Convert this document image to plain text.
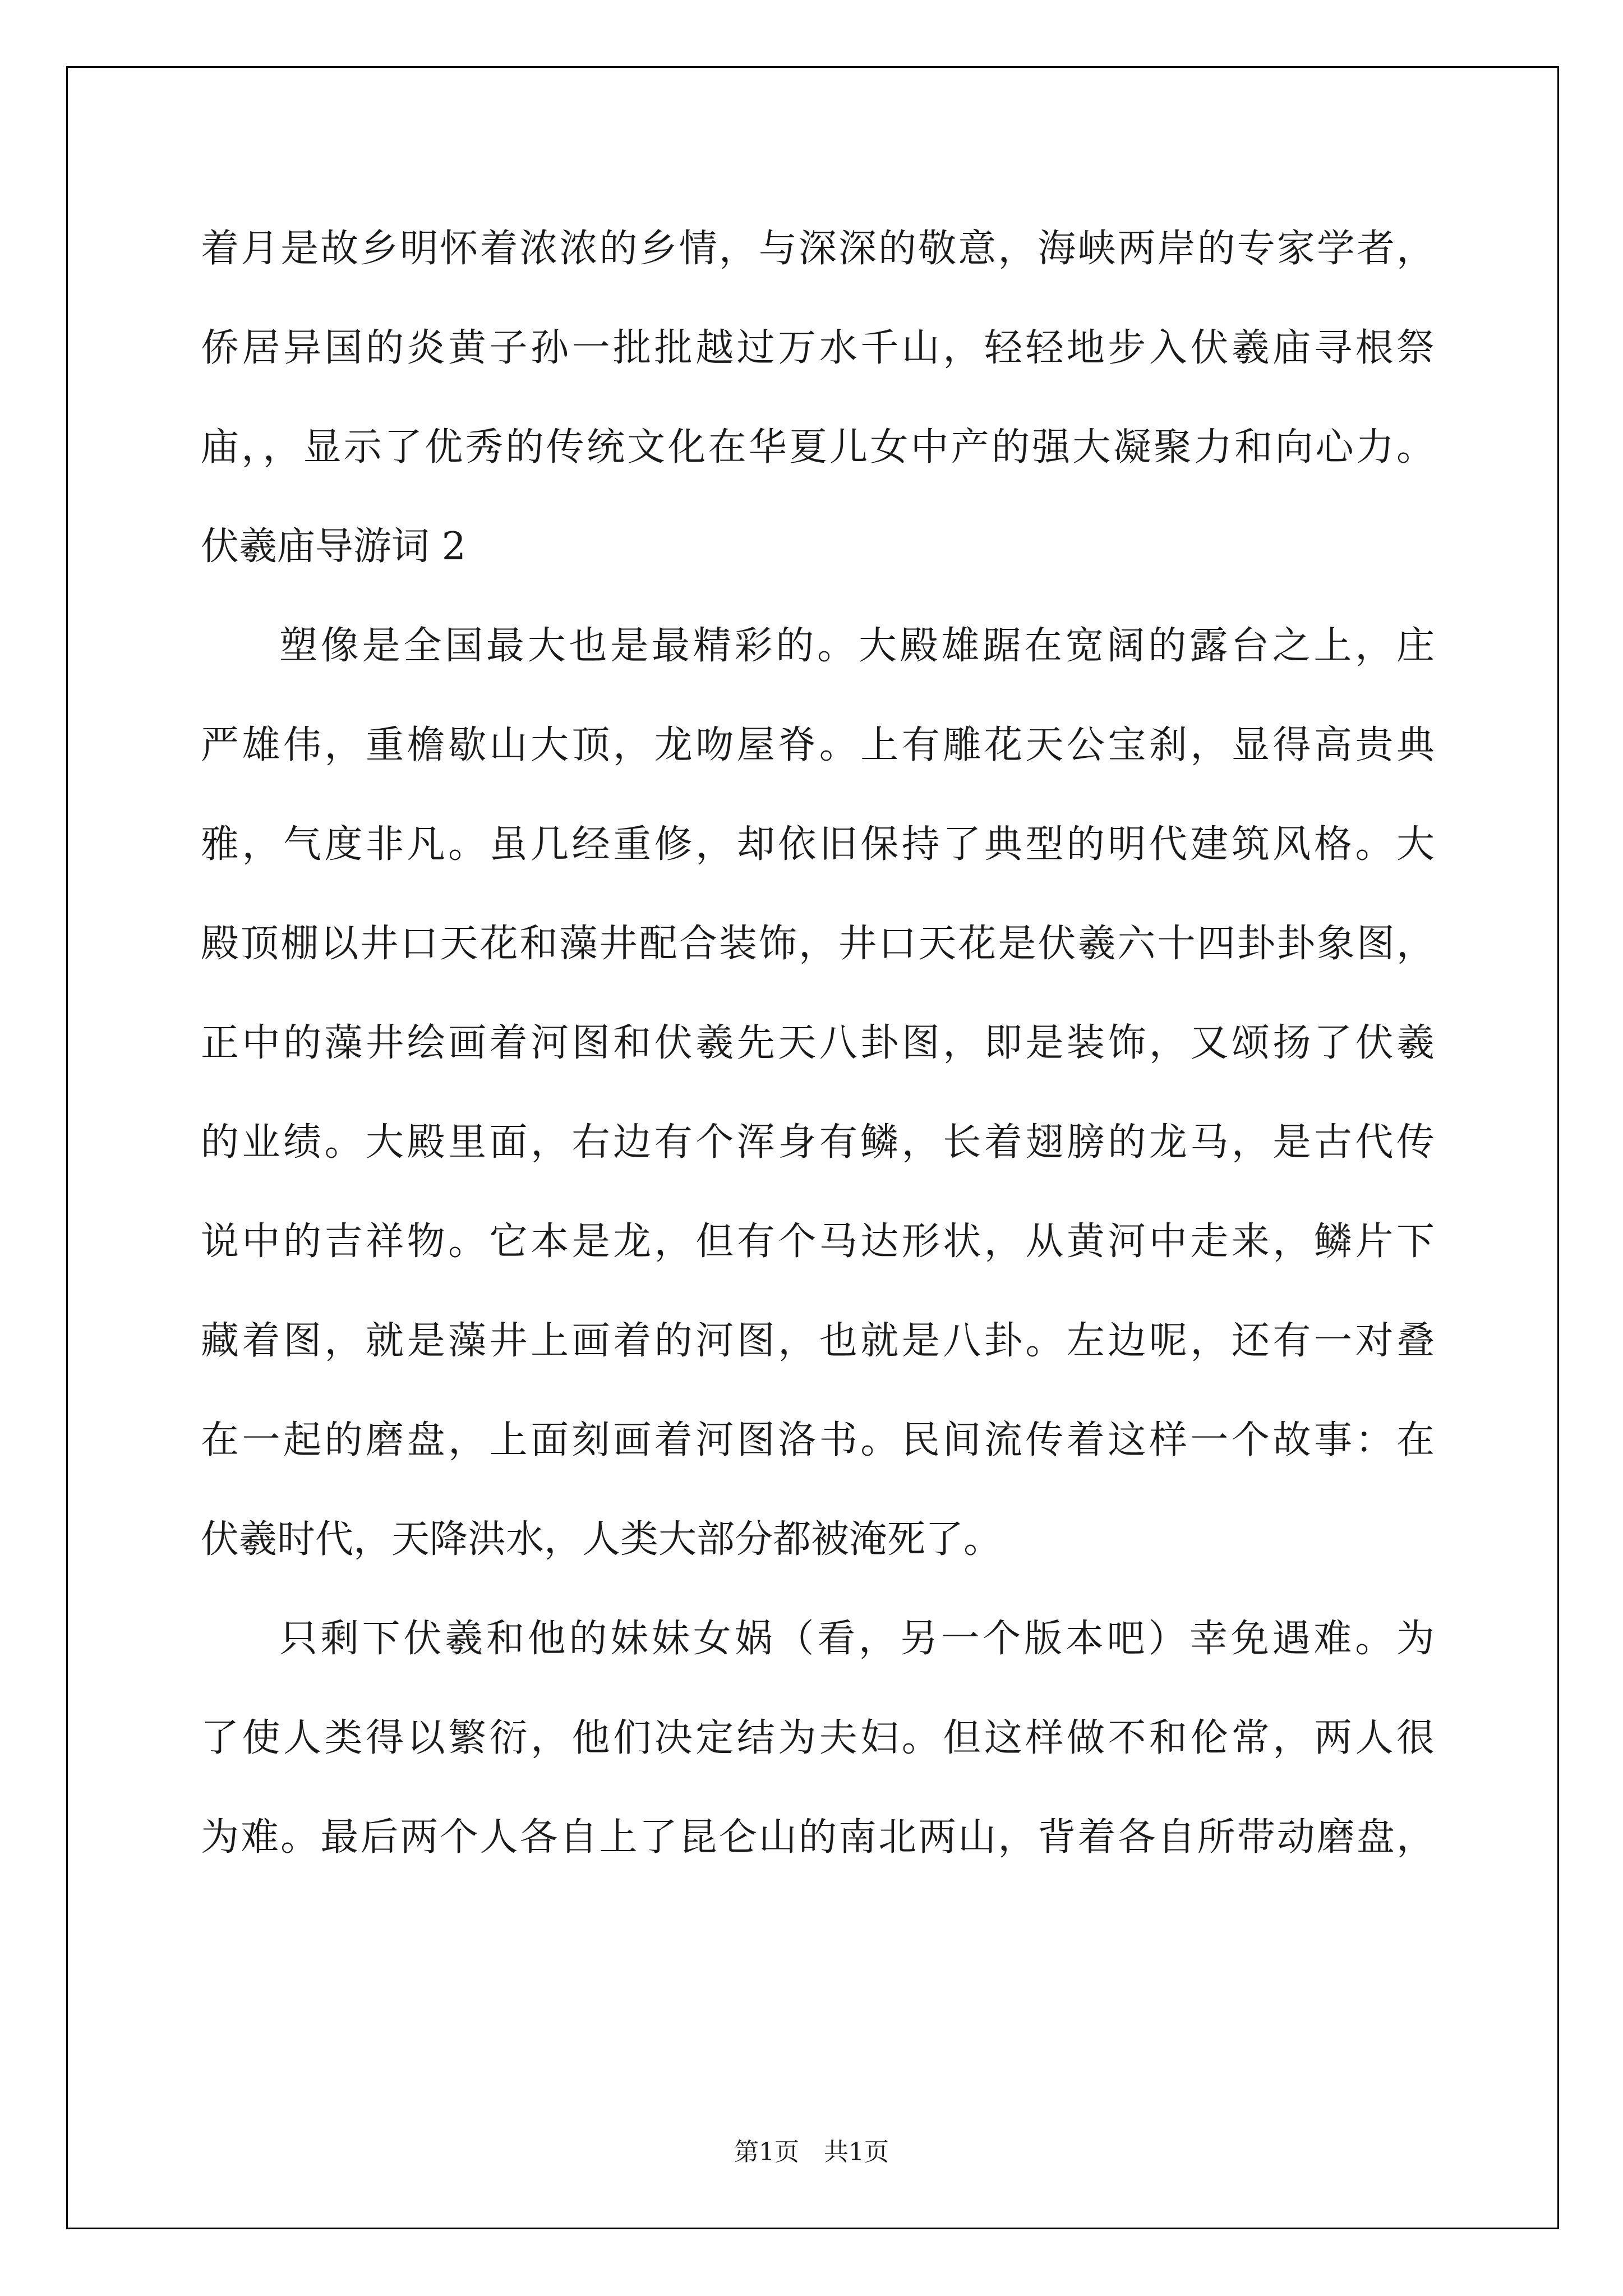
着月是故乡明怀着浓浓的乡情，与深深的敬意，海峡两岸的专家学者，
侨居异国的炎黄子孙一批批越过万水千山，轻轻地步入伏羲庙寻根祭
庙，，显示了优秀的传统文化在华夏儿女中产的强大凝聚力和向心力。
伏羲庙导游词 2
塑像是全国最大也是最精彩的。大殿雄踞在宽阔的露台之上，庄
严雄伟，重檐歇山大顶，龙吻屋脊。上有雕花天公宝刹，显得高贵典
雅，气度非凡。虽几经重修，却依旧保持了典型的明代建筑风格。大
殿顶棚以井口天花和藻井配合装饰，井口天花是伏羲六十四卦卦象图，
正中的藻井绘画着河图和伏羲先天八卦图，即是装饰，又颂扬了伏羲
的业绩。大殿里面，右边有个浑身有鳞，长着翅膀的龙马，是古代传
说中的吉祥物。它本是龙，但有个马达形状，从黄河中走来，鳞片下
藏着图，就是藻井上画着的河图，也就是八卦。左边呢，还有一对叠
在一起的磨盘，上面刻画着河图洛书。民间流传着这样一个故事：在
伏羲时代，天降洪水，人类大部分都被淹死了。
只剩下伏羲和他的妹妹女娲（看，另一个版本吧）幸免遇难。为
了使人类得以繁衍，他们决定结为夫妇。但这样做不和伦常，两人很
为难。最后两个人各自上了昆仑山的南北两山，背着各自所带动磨盘，
第1页　共1页
